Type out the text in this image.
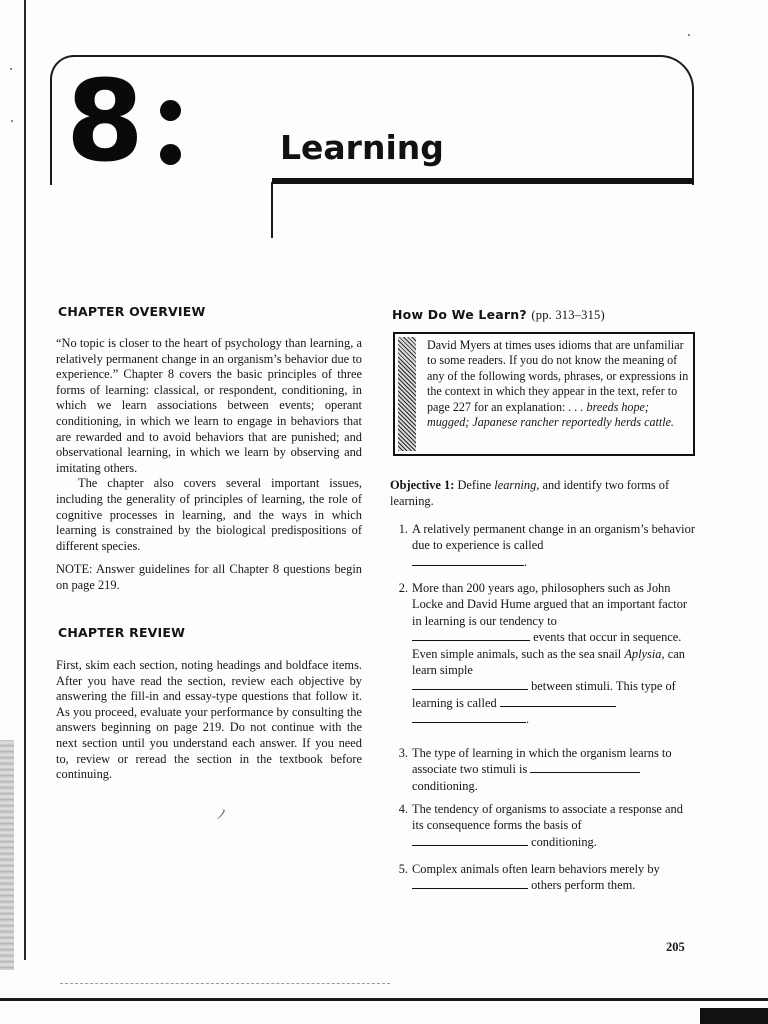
8	Learning
CHAPTER OVERVIEW

“No topic is closer to the heart of psychology than learning, a relatively permanent change in an organism’s behavior due to experience.” Chapter 8 covers the basic principles of three forms of learning: classical, or respondent, conditioning, in which we learn associations between events; operant conditioning, in which we learn to engage in behaviors that are rewarded and to avoid behaviors that are punished; and observational learning, in which we learn by observing and imitating others.

The chapter also covers several important issues, including the generality of principles of learning, the role of cognitive processes in learning, and the ways in which learning is constrained by the biological predispositions of different species.

NOTE: Answer guidelines for all Chapter 8 questions begin on page 219.

CHAPTER REVIEW

First, skim each section, noting headings and boldface items. After you have read the section, review each objective by answering the fill-in and essay-type questions that follow it. As you proceed, evaluate your performance by consulting the answers beginning on page 219. Do not continue with the next section until you understand each answer. If you need to, review or reread the section in the textbook before continuing.

ノ
How Do We Learn? (pp. 313–315)

David Myers at times uses idioms that are unfamiliar to some readers. If you do not know the meaning of any of the following words, phrases, or expressions in the context in which they appear in the text, refer to page 227 for an explanation: . . . breeds hope; mugged; Japanese rancher reportedly herds cattle.

Objective 1: Define learning, and identify two forms of learning.
1. A relatively permanent change in an organism’s behavior due to experience is called
.
2. More than 200 years ago, philosophers such as John Locke and David Hume argued that an important factor in learning is our tendency to
events that occur in sequence. Even simple animals, such as the sea snail Aplysia, can learn simple
between stimuli. This type of learning is called
.
3. The type of learning in which the organism learns to associate two stimuli is
conditioning.
4. The tendency of organisms to associate a response and its consequence forms the basis of
conditioning.
5. Complex animals often learn behaviors merely by
others perform them.
205
